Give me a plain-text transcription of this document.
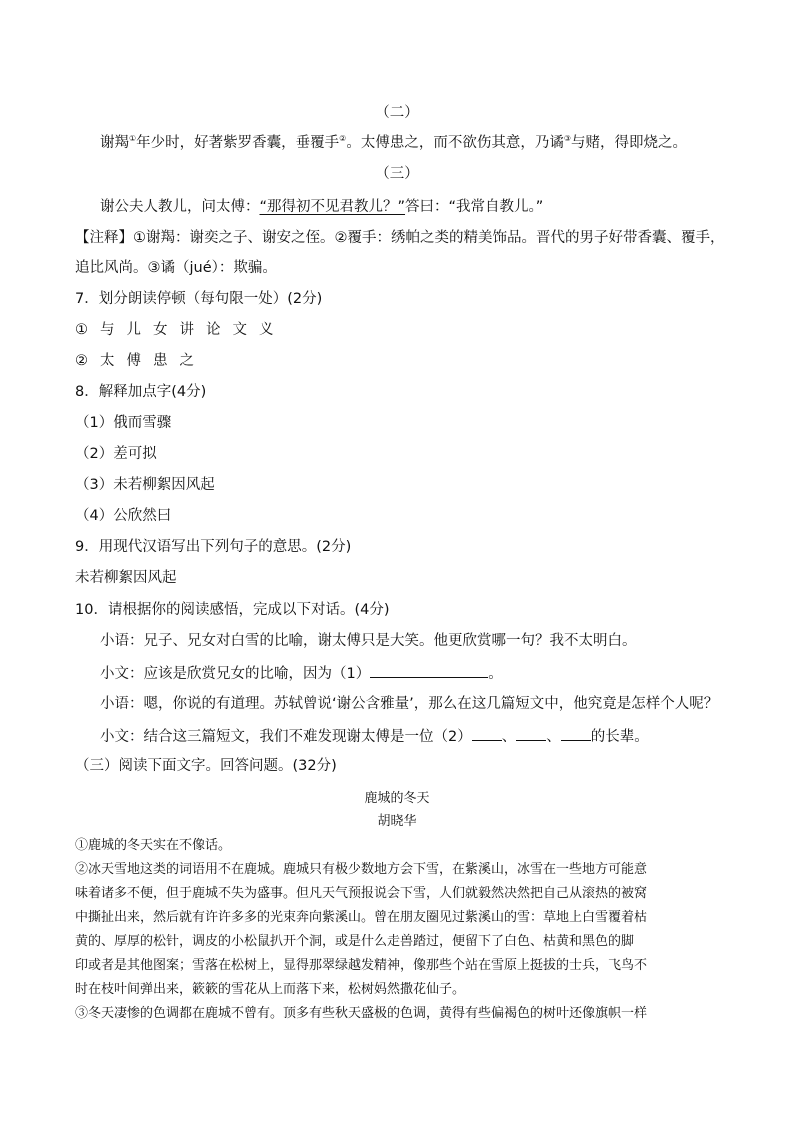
（二）
谢羯①年少时，好著紫罗香囊，垂覆手②。太傅患之，而不欲伤其意，乃谲③与赌，得即烧之。
（三）
谢公夫人教儿，问太傅：“那得初不见君教儿？”答曰：“我常自教儿。”
【注释】①谢羯：谢奕之子、谢安之侄。②覆手：绣帕之类的精美饰品。晋代的男子好带香囊、覆手，
追比风尚。③谲（jué）：欺骗。
7．划分朗读停顿（每句限一处）(2分)
①与儿女讲论文义
②太傅患之
8．解释加点字(4分)
（1）俄而雪骤
（2）差可拟
（3）未若柳絮因风起
（4）公欣然曰
9．用现代汉语写出下列句子的意思。(2分)
未若柳絮因风起
10．请根据你的阅读感悟，完成以下对话。(4分)
小语：兄子、兄女对白雪的比喻，谢太傅只是大笑。他更欣赏哪一句？我不太明白。
小文：应该是欣赏兄女的比喻，因为（1）	。
小语：嗯，你说的有道理。苏轼曾说‘谢公含雅量’，那么在这几篇短文中，他究竟是怎样个人呢？
小文：结合这三篇短文，我们不难发现谢太傅是一位（2） 、 、 的长辈。
（三）阅读下面文字。回答问题。(32分)
鹿城的冬天
胡晓华
①鹿城的冬天实在不像话。
②冰天雪地这类的词语用不在鹿城。鹿城只有极少数地方会下雪，在紫溪山，冰雪在一些地方可能意
味着诸多不便，但于鹿城不失为盛事。但凡天气预报说会下雪，人们就毅然决然把自己从滚热的被窝
中撕扯出来，然后就有许许多多的光束奔向紫溪山。曾在朋友圈见过紫溪山的雪：草地上白雪覆着枯
黄的、厚厚的松针，调皮的小松鼠扒开个洞，或是什么走兽踏过，便留下了白色、枯黄和黑色的脚
印或者是其他图案；雪落在松树上，显得那翠绿越发精神，像那些个站在雪原上挺拔的士兵，飞鸟不
时在枝叶间弹出来，簌簌的雪花从上而落下来，松树妈然撒花仙子。
③冬天凄惨的色调都在鹿城不曾有。顶多有些秋天盛极的色调，黄得有些偏褐色的树叶还像旗帜一样
